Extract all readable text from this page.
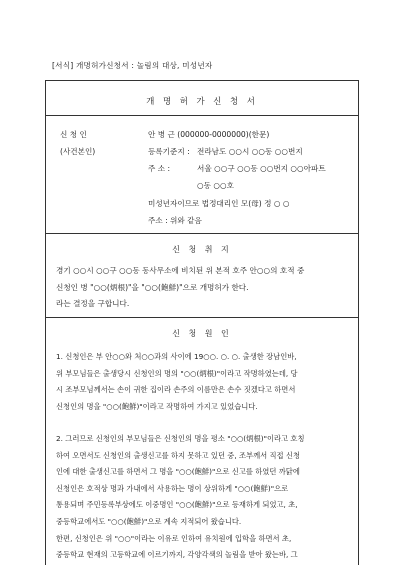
[서식] 개명허가신청서 : 놀림의 대상, 미성년자
개 명 허 가 신 청 서
신 청 인
(사건본인)
안 병 근 (000000-0000000)(한문)
등록기준지 : 전라남도 ○○시 ○○동 ○○번지
주 소 :	서울 ○○구 ○○동 ○○번지 ○○아파트
○동 ○○호
미성년자이므로 법정대리인 모(母) 정 ○ ○
주소 : 위와 같음
신 청 취 지
경기 ○○시 ○○구 ○○동 동사무소에 비치된 위 본적 호주 안○○의 호적 중
신청인 병 "○○(炳根)"을 "○○(飽鮮)"으로 개명허가 한다.
라는 결정을 구합니다.
신 청 원 인
1. 신청인은 부 안○○와 처○○과의 사이에 19○○. ○. ○. 출생한 장남인바,
위 부모님들은 출생당시 신청인의 명의 "○○(炳根)"이라고 작명하였는데, 당
시 조부모님께서는 손이 귀한 집이라 손주의 이름만은 손수 짓겠다고 하면서
신청인의 명을 "○○(飽鮮)"이라고 작명하여 가지고 있었습니다.
2. 그러므로 신청인의 부모님들은 신청인의 명을 평소 "○○(炳根)"이라고 호칭
하여 오면서도 신청인의 출생신고를 하지 못하고 있던 중, 조부께서 직접 신청
인에 대한 출생신고를 하면서 그 명을 "○○(飽鮮)"으로 신고를 하였던 까닭에
신청인은 호적상 명과 가내에서 사용하는 명이 상위하게 "○○(飽鮮)"으로
통용되며 주민등록부상에도 이중명인 "○○(飽鮮)"으로 등재하게 되었고, 초,
중등학교에서도 "○○(飽鮮)"으로 계속 지적되어 왔습니다.
한편, 신청인은 위 "○○"이라는 이유로 인하여 유치원에 입학을 하면서 초,
중등학교 현재의 고등학교에 이르기까지, 각양각색의 놀림을 받아 왔는바, 그
